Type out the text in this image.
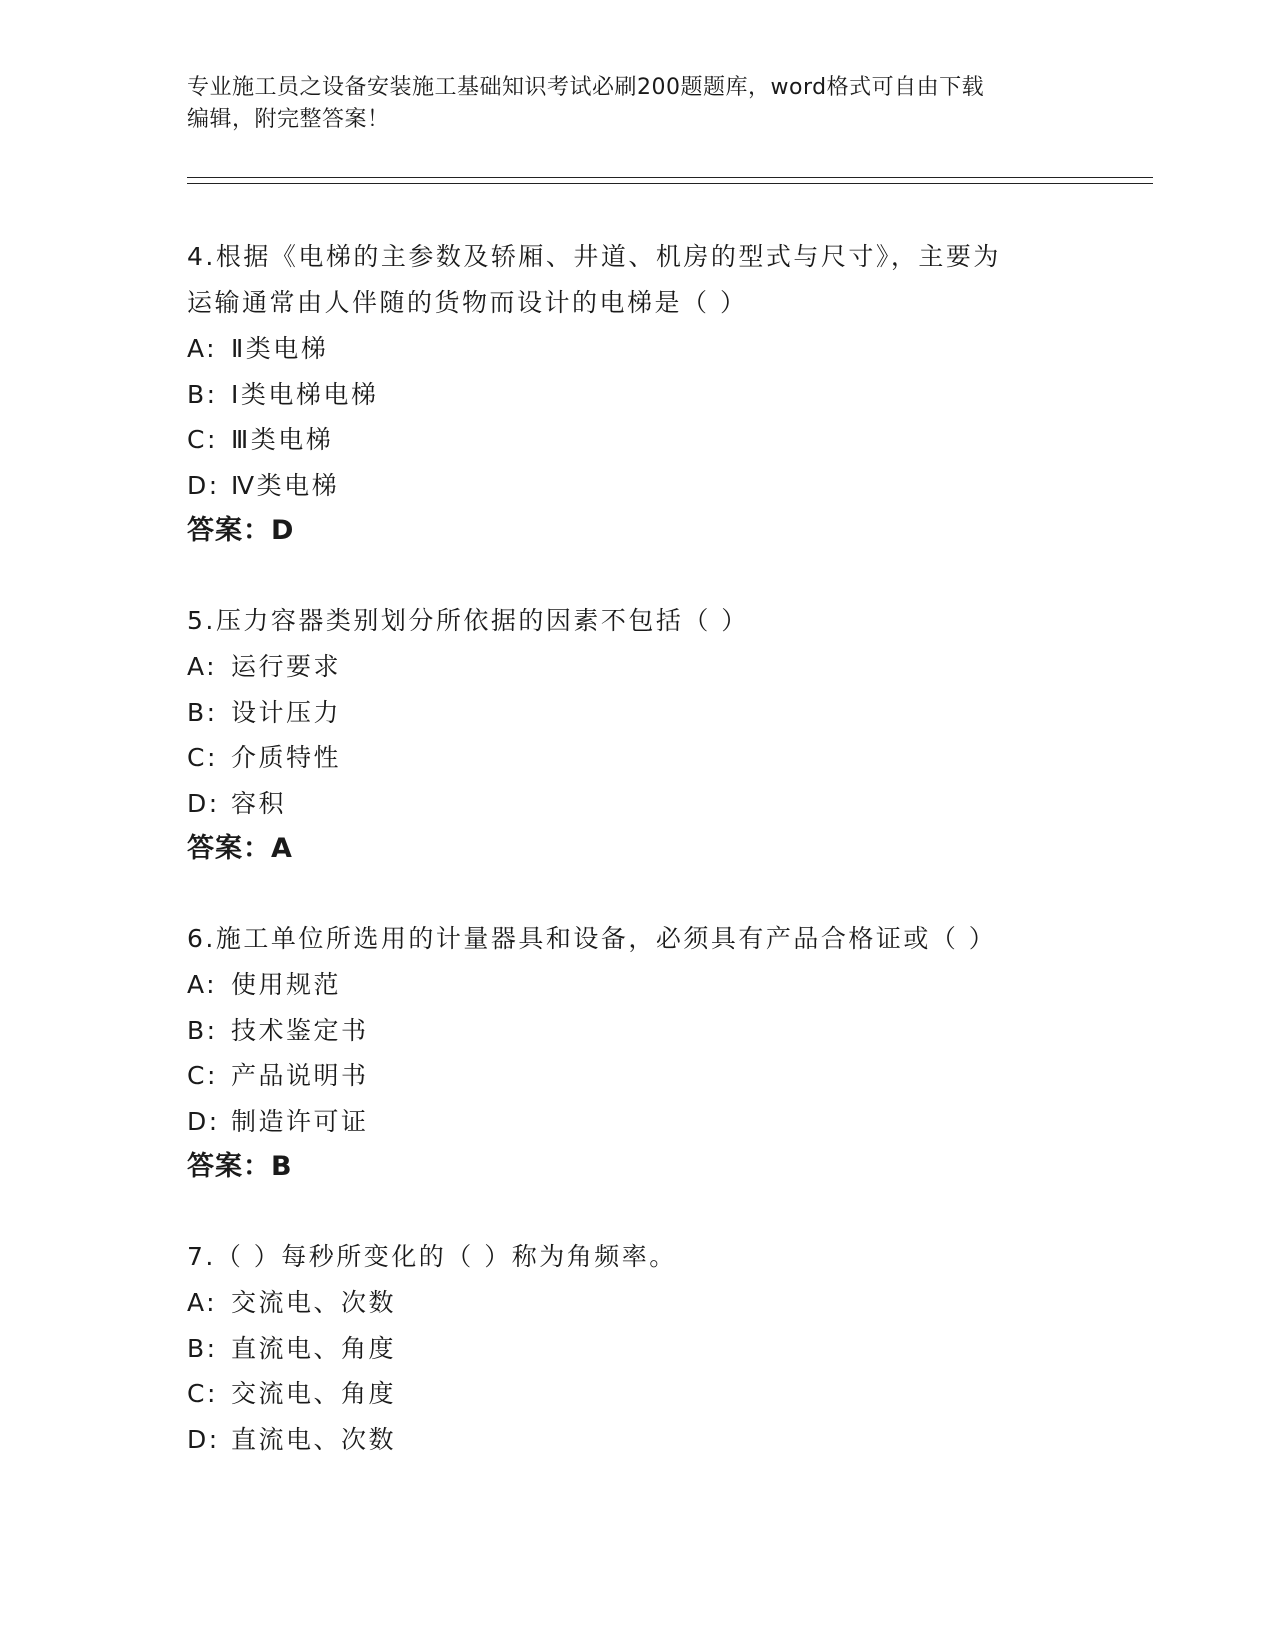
专业施工员之设备安装施工基础知识考试必刷200题题库，word格式可自由下载
编辑，附完整答案！
4.根据《电梯的主参数及轿厢、井道、机房的型式与尺寸》，主要为
运输通常由人伴随的货物而设计的电梯是（ ）
A: Ⅱ类电梯
B: Ⅰ类电梯电梯
C: Ⅲ类电梯
D: Ⅳ类电梯
答案：D
5.压力容器类别划分所依据的因素不包括（ ）
A: 运行要求
B: 设计压力
C: 介质特性
D: 容积
答案：A
6.施工单位所选用的计量器具和设备，必须具有产品合格证或（ ）
A: 使用规范
B: 技术鉴定书
C: 产品说明书
D: 制造许可证
答案：B
7.（ ）每秒所变化的（ ）称为角频率。
A: 交流电、次数
B: 直流电、角度
C: 交流电、角度
D: 直流电、次数
